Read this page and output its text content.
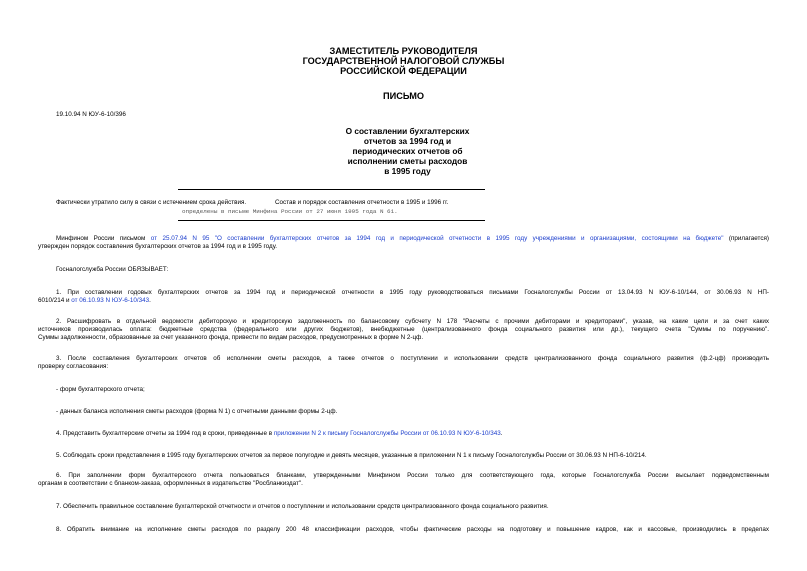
ЗАМЕСТИТЕЛЬ РУКОВОДИТЕЛЯ
ГОСУДАРСТВЕННОЙ НАЛОГОВОЙ СЛУЖБЫ
РОССИЙСКОЙ ФЕДЕРАЦИИ
ПИСЬМО
19.10.94 N ЮУ-6-10/396
О составлении бухгалтерских
отчетов за 1994 год и
периодических отчетов об
исполнении сметы расходов
в 1995 году
Фактически утратило силу в связи с истечением срока действия.	Состав и порядок составления отчетности в 1995 и 1996 гг.
определены в письме Минфина России от 27 июня 1995 года N 61.
Минфином России письмом от 25.07.94 N 95 "О составлении бухгалтерских отчетов за 1994 год и периодической отчетности в 1995 году учреждениями и организациями, состоящими на бюджете" (прилагается)
утвержден порядок составления бухгалтерских отчетов за 1994 год и в 1995 году.
Госналогслужба России ОБЯЗЫВАЕТ:
1. При составлении годовых бухгалтерских отчетов за 1994 год и периодической отчетности в 1995 году руководствоваться письмами Госналогслужбы России от 13.04.93 N ЮУ-6-10/144, от 30.06.93 N НП-
6010/214 и от 06.10.93 N ЮУ-6-10/343.
2. Расшифровать в отдельной ведомости дебиторскую и кредиторскую задолженность по балансовому субсчету N 178 "Расчеты с прочими дебиторами и кредиторами", указав, на какие цели и за счет каких
источников производилась оплата: бюджетные средства (федерального или других бюджетов), внебюджетные (централизованного фонда социального развития или др.), текущего счета "Суммы по поручению".
Суммы задолженности, образованные за счет указанного фонда, привести по видам расходов, предусмотренных в форме N 2-цф.
3. После составления бухгалтерских отчетов об исполнении сметы расходов, а также отчетов о поступлении и использовании средств централизованного фонда социального развития (ф.2-цф) производить
проверку согласования:
- форм бухгалтерского отчета;
- данных баланса исполнения сметы расходов (форма N 1) с отчетными данными формы 2-цф.
4. Представить бухгалтерские отчеты за 1994 год в сроки, приведенные в приложении N 2 к письму Госналогслужбы России от 06.10.93 N ЮУ-6-10/343.
5. Соблюдать сроки представления в 1995 году бухгалтерских отчетов за первое полугодие и девять месяцев, указанные в приложении N 1 к письму Госналогслужбы России от 30.06.93 N НП-6-10/214.
6. При заполнении форм бухгалтерского отчета пользоваться бланками, утвержденными Минфином России только для соответствующего года, которые Госналогслужба России высылает подведомственным
органам в соответствии с бланком-заказа, оформленных в издательстве "Росбланкиздат".
7. Обеспечить правильное составление бухгалтерской отчетности и отчетов о поступлении и использовании средств централизованного фонда социального развития.
8. Обратить внимание на исполнение сметы расходов по разделу 200 48 классификации расходов, чтобы фактические расходы на подготовку и повышение кадров, как и кассовые, производились в пределах
